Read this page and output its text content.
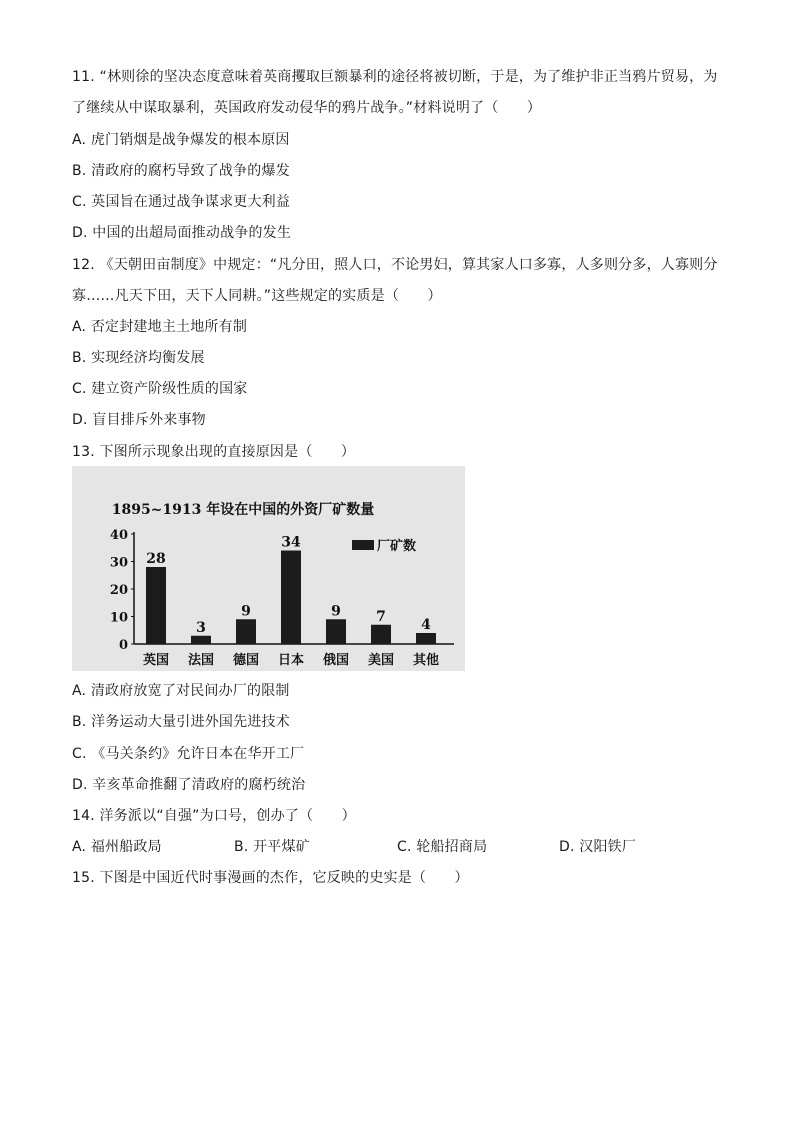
11. “林则徐的坚决态度意味着英商攫取巨额暴利的途径将被切断，于是，为了维护非正当鸦片贸易，为
了继续从中谋取暴利，英国政府发动侵华的鸦片战争。”材料说明了（　　）
A. 虎门销烟是战争爆发的根本原因
B. 清政府的腐朽导致了战争的爆发
C. 英国旨在通过战争谋求更大利益
D. 中国的出超局面推动战争的发生
12. 《天朝田亩制度》中规定：“凡分田，照人口，不论男妇，算其家人口多寡，人多则分多，人寡则分
寡……凡天下田，天下人同耕。”这些规定的实质是（　　）
A. 否定封建地主土地所有制
B. 实现经济均衡发展
C. 建立资产阶级性质的国家
D. 盲目排斥外来事物
13. 下图所示现象出现的直接原因是（　　）
1895~1913 年设在中国的外资厂矿数量
厂矿数
0
10
20
30
40
28
英国
3
法国
9
德国
34
日本
9
俄国
7
美国
4
其他
A. 清政府放宽了对民间办厂的限制
B. 洋务运动大量引进外国先进技术
C. 《马关条约》允许日本在华开工厂
D. 辛亥革命推翻了清政府的腐朽统治
14. 洋务派以“自强”为口号，创办了（　　）
A. 福州船政局	B. 开平煤矿	C. 轮船招商局	D. 汉阳铁厂
15. 下图是中国近代时事漫画的杰作，它反映的史实是（　　）
